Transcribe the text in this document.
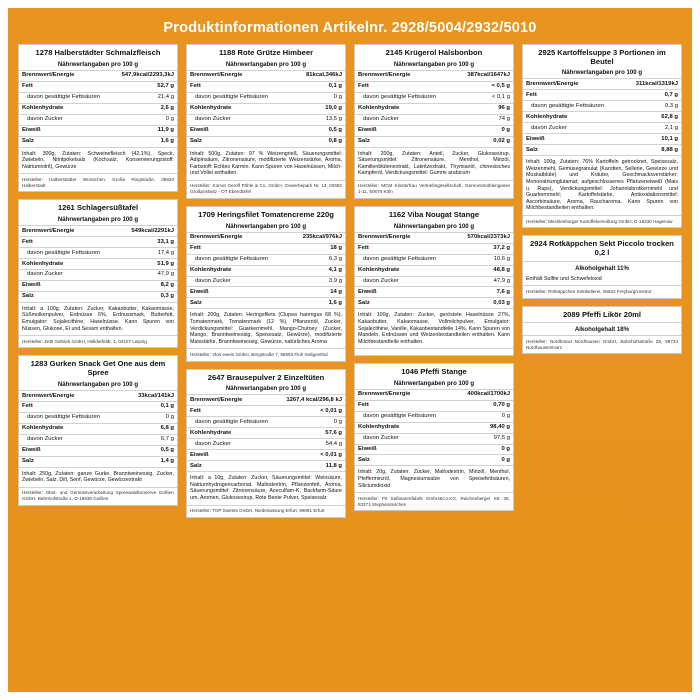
Produktinformationen Artikelnr. 2928/5004/2932/5010
1278 Halberstädter Schmalzfleisch
Nährwertangaben pro 100 g
Brennwert/Energie	547,9kcal/2293,3kJ
Fett	52,7 g
davon gesättigte Fettsäuren	21,4 g
Kohlenhydrate	2,6 g
davon Zucker	0 g
Eiweiß	11,9 g
Salz	1,6 g
Inhalt: 300g, Zutaten: Schweinefleisch (42,1%), Speck, Zwiebeln, Nitritpökelsalz (Kochsalz, Konservierungsstoff: Natriumnitrit), Gewürze
Hersteller: Halberstädter Würstchen, Große Ringstraße, 38820 Halberstadt
1261 Schlagersüßtafel
Nährwertangaben pro 100 g
Brennwert/Energie	549kcal/2291kJ
Fett	33,1 g
davon gesättigte Fettsäuren	17,4 g
Kohlenhydrate	51,9 g
davon Zucker	47,9 g
Eiweiß	8,2 g
Salz	0,3 g
Inhalt: a 100g, Zutaten: Zucker, Kakaobutter, Kakaomasse, Süßmolkenpulver, Erdnüsse 6%, Erdnussmark, Butterfett, Emulgator: Sojalecithine, Haselnüsse. Kann Spuren von Nüssen, Glukose, Ei und Sesam enthalten.
Hersteller: Zetti Gebäck GmbH, Höllderfeldt. 1, 04107 Leipzig
1283 Gurken Snack Get One aus dem Spree
Nährwertangaben pro 100 g
Brennwert/Energie	33kcal/141kJ
Fett	0,1 g
davon gesättigte Fettsäuren	0 g
Kohlenhydrate	6,8 g
davon Zucker	6,7 g
Eiweiß	0,5 g
Salz	1,4 g
Inhalt: 250g, Zutaten: ganze Gurke, Branntweinessig, Zucker, Zwiebeln, Salz, Dill, Senf, Gewürze, Gewürzextrakt
Hersteller: Obst- und Gemüseverarbeitung Spreewaldkonserve Golßen GmbH, Bahnhofstraße 1, D-15938 Golßen
1188 Rote Grütze Himbeer
Nährwertangaben pro 100 g
Brennwert/Energie	81kcal,346kJ
Fett	0,1 g
davon gesättigte Fettsäuren	0 g
Kohlenhydrate	19,0 g
davon Zucker	13,5 g
Eiweiß	0,5 g
Salz	0,8 g
Inhalt: 500g, Zutaten: 97 % Weizengrieß, Säuerungsmittel: Adipinsäure, Zitronensäure, modifizierte Weizenstärke, Aroma, Farbstoff: Echtes Karmin. Kann Spuren von Haselnüssen, Milch- und Vollei enthalten.
Hersteller: Komet Gerolf Pöhle & Co. GmbH, Gewerbepark Nr. 13, 02692 Großpostwitz - OT Ebendörfel
1709 Heringsfilet Tomatencreme 220g
Nährwertangaben pro 100 g
Brennwert/Energie	235kcal/976kJ
Fett	18 g
davon gesättigte Fettsäuren	6,3 g
Kohlenhydrate	4,1 g
davon Zucker	3,9 g
Eiweiß	14 g
Salz	1,6 g
Inhalt: 200g, Zutaten: Heringsfilets (Clupea harengus 68 %), Tomatenmark, Tomatenmark (12 %), Pflanzenöl, Zucker, Verdickungsmittel: Guarkernmehl, Mango-Chutney (Zucker, Mango, Branntweinessig, Speisesalz, Gewürze), modifizierte Maisstärke, Branntweinessig, Gewürze, natürliches Aroma
Hersteller: Vlos eweis GmbH, Bergstraße 7, 98593 Floh-Seligenthal
2647 Brausepulver 2 Einzeltüten
Nährwertangaben pro 100 g
Brennwert/Energie	1267,4 kcal/296,8 kJ
Fett	< 0,01 g
davon gesättigte Fettsäuren	0 g
Kohlenhydrate	57,6 g
davon Zucker	54,4 g
Eiweiß	< 0,01 g
Salz	11,8 g
Inhalt: a 10g, Zutaten: Zucker, Säuerungsmittel: Weinsäure, Natriumhydrogencarbonat, Maltodextrin, Pflanzenfett, Aroma, Säuerungsmittel: Zitronensäure, Aceculfam-K, Backfarm-Säure um, Aromen, Glukosesirup, Rote Beete Pulver, Speisesalz
Hersteller: TOP Sweets GmbH, Niederlassung Erfurt, 99091 Erfurt
2145 Krügerol Halsbonbon
Nährwertangaben pro 100 g
Brennwert/Energie	387kcal/1647kJ
Fett	< 0,5 g
davon gesättigte Fettsäuren	< 0,1 g
Kohlenhydrate	96 g
davon Zucker	74 g
Eiweiß	0 g
Salz	0,02 g
Inhalt: 200g, Zutaten: Anteil, Zucker, Glukosesirup, Säuerungsmittel: Zitronensäure, Menthol, Minzöl, Kamillenblütenextrakt, Lakritzextrakt, Thymianöl, chinesisches Kampferöl, Verdickungsmittel: Gummi arabicum
Hersteller: MCM Klosterfrau Vertriebsgesellschaft, Gereonsmühlengasse 1-11, 50670 Köln
1162 Viba Nougat Stange
Nährwertangaben pro 100 g
Brennwert/Energie	570kcal/2373kJ
Fett	37,2 g
davon gesättigte Fettsäuren	10,6 g
Kohlenhydrate	48,8 g
davon Zucker	47,9 g
Eiweiß	7,6 g
Salz	0,03 g
Inhalt: 100g, Zutaten: Zucker, geröstete Haselnüsse 27%, Kakaobutter, Kakaomasse, Vollmilchpulver, Emulgator: Sojalecithine, Vanille, Kakaobestandteile 14%. Kann Spuren von Mandeln, Erdnüssen und Weizenbestandteilen enthalten. Kann Milchbestandteile enthalten.
1046 Pfeffi Stange
Nährwertangaben pro 100 g
Brennwert/Energie	400kcal/1700kJ
Fett	0,70 g
davon gesättigte Fettsäuren	0 g
Kohlenhydrate	98,40 g
davon Zucker	97,5 g
Eiweiß	0 g
Salz	0 g
Inhalt: 20g, Zutaten: Zucker, Maltodextrin, Minzöl, Menthol, Pfefferminzöl, Magnesiumsalze von Speisefettsäuren, Siliciumdioxid
Hersteller: Pit Süßwarenfabrik GmbH&Co.KG, Reichenberger Str. 36, 83271 Stephanskirchen
2925 Kartoffelsuppe 3 Portionen im Beutel
Nährwertangaben pro 100 g
Brennwert/Energie	311kcal/1319kJ
Fett	0,7 g
davon gesättigte Fettsäuren	0,3 g
Kohlenhydrate	62,8 g
davon Zucker	2,1 g
Eiweiß	10,1 g
Salz	8,88 g
Inhalt: 100g, Zutaten: 76% Kartoffeln getrocknet, Speisesalz, Weizenmehl, Gemüsegranulat (Karotten, Sellerie, Gewürze und Muskatblüte) und Kräuter, Geschmacksverstärker: Mononatriumglutamat; aufgeschlossenes Pflanzeneiweiß (Mais u. Raps), Verdickungsmittel: Johannisbrotkernmehl und Guarkernmehl; Kartoffelstärke, Antioxidationsmittel: Ascorbinsäure, Aroma, Raucharoma. Kann Spuren von Milchbestandteilen enthalten.
Hersteller: Mecklenburger Kartoffelveredlung GmbH, D-19230 Hagenow
2924 Rotkäppchen Sekt Piccolo trocken 0,2 l
Alkoholgehalt 11%
Enthält Sulfite und Schwefeloxid
Hersteller: Rotkäppchen Sektkellerei, 06632 Freyburg/Unstrut
2089 Pfeffi Likör 20ml
Alkoholgehalt 18%
Hersteller: Nordbrand Nordhausen GmbH, Bahnhofsstraße 28, 99734 Nordhausen/Harz
